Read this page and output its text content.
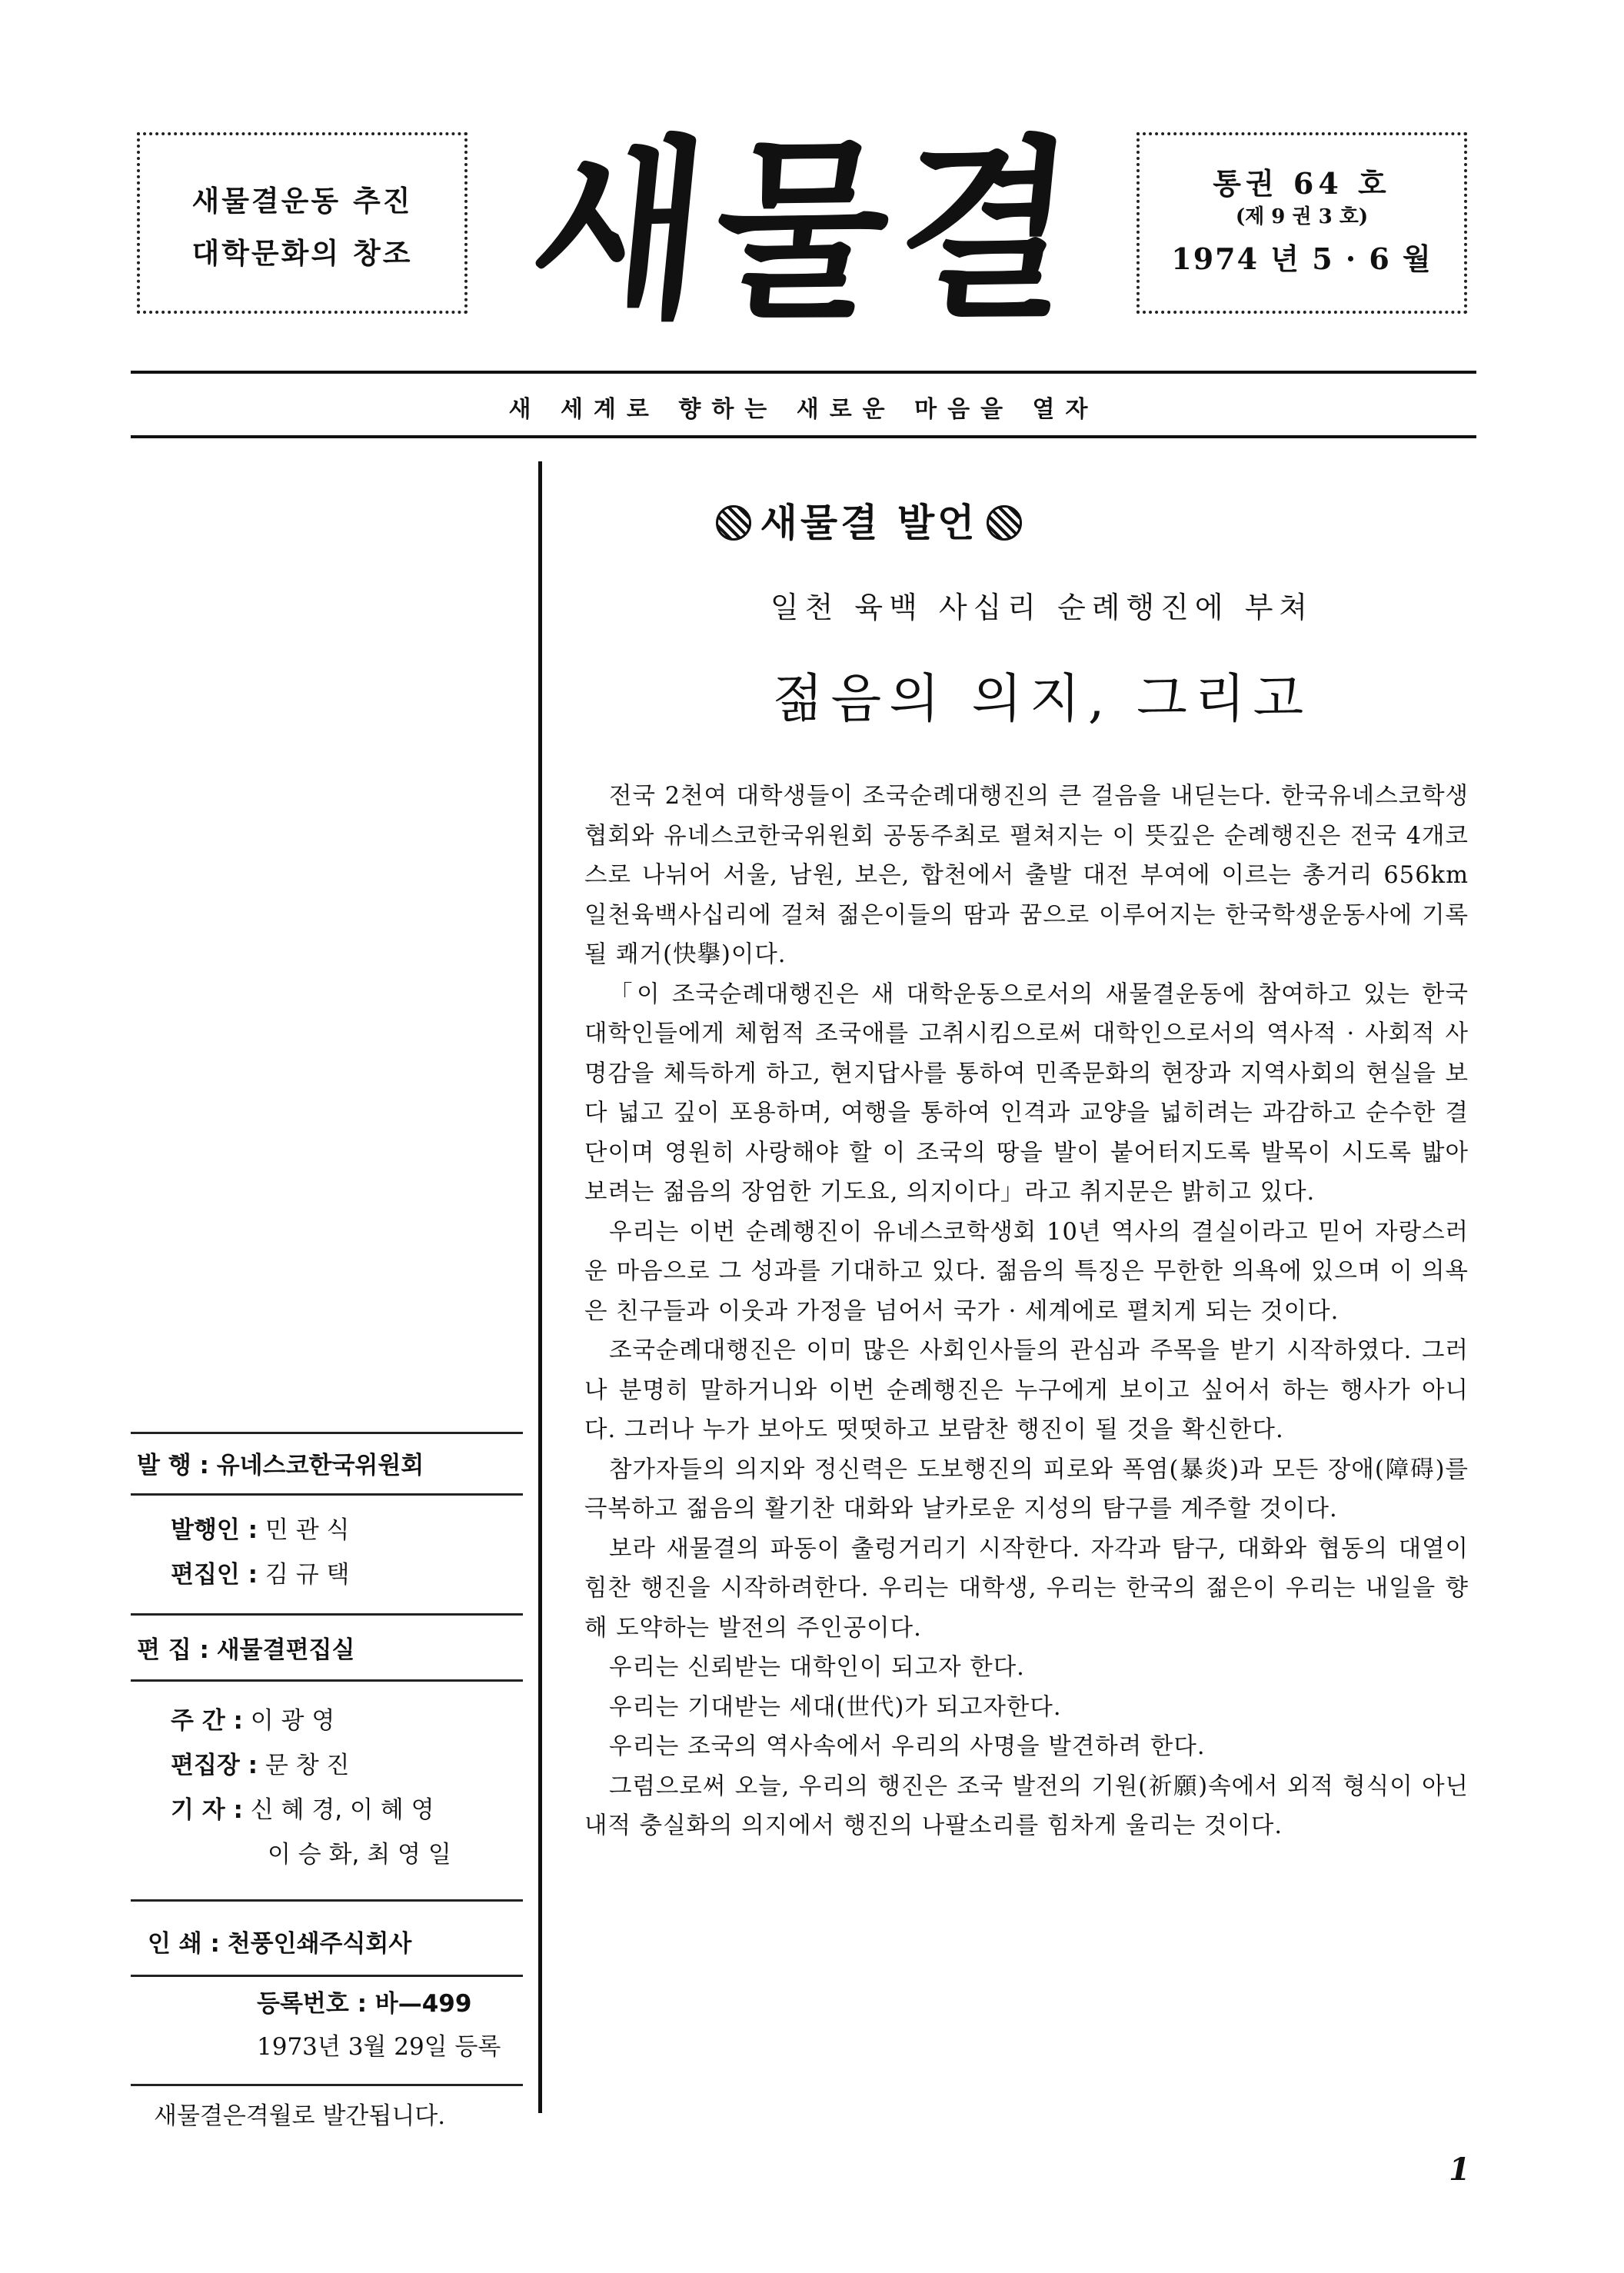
새물결운동 추진
대학문화의 창조 새물결	통권 64 호
(제 9 권 3 호)
1974 년 5 · 6 월
새 세계로 향하는 새로운 마음을 열자
발 행 : 유네스코한국위원회
발행인 : 민 관 식
편집인 : 김 규 택
편 집 : 새물결편집실
주 간 : 이 광 영
편집장 : 문 창 진
기 자 : 신 혜 경, 이 혜 영
이 승 화, 최 영 일
인 쇄 : 천풍인쇄주식회사
등록번호 : 바—499
1973년 3월 29일 등록
새물결은격월로 발간됩니다.
새물결 발언
일천 육백 사십리 순례행진에 부쳐
젊음의 의지, 그리고

전국 2천여 대학생들이 조국순례대행진의 큰 걸음을 내딛는다. 한국유네스코학생협회와 유네스코한국위원회 공동주최로 펼쳐지는 이 뜻깊은 순례행진은 전국 4개코스로 나뉘어 서울, 남원, 보은, 합천에서 출발 대전 부여에 이르는 총거리 656km 일천육백사십리에 걸쳐 젊은이들의 땀과 꿈으로 이루어지는 한국학생운동사에 기록될 쾌거(快擧)이다.

「이 조국순례대행진은 새 대학운동으로서의 새물결운동에 참여하고 있는 한국 대학인들에게 체험적 조국애를 고취시킴으로써 대학인으로서의 역사적 · 사회적 사명감을 체득하게 하고, 현지답사를 통하여 민족문화의 현장과 지역사회의 현실을 보다 넓고 깊이 포용하며, 여행을 통하여 인격과 교양을 넓히려는 과감하고 순수한 결단이며 영원히 사랑해야 할 이 조국의 땅을 발이 붙어터지도록 발목이 시도록 밟아보려는 젊음의 장엄한 기도요, 의지이다」라고 취지문은 밝히고 있다.

우리는 이번 순례행진이 유네스코학생회 10년 역사의 결실이라고 믿어 자랑스러운 마음으로 그 성과를 기대하고 있다. 젊음의 특징은 무한한 의욕에 있으며 이 의욕은 친구들과 이웃과 가정을 넘어서 국가 · 세계에로 펼치게 되는 것이다.

조국순례대행진은 이미 많은 사회인사들의 관심과 주목을 받기 시작하였다. 그러나 분명히 말하거니와 이번 순례행진은 누구에게 보이고 싶어서 하는 행사가 아니다. 그러나 누가 보아도 떳떳하고 보람찬 행진이 될 것을 확신한다.

참가자들의 의지와 정신력은 도보행진의 피로와 폭염(暴炎)과 모든 장애(障碍)를 극복하고 젊음의 활기찬 대화와 날카로운 지성의 탐구를 계주할 것이다.

보라 새물결의 파동이 출렁거리기 시작한다. 자각과 탐구, 대화와 협동의 대열이 힘찬 행진을 시작하려한다. 우리는 대학생, 우리는 한국의 젊은이 우리는 내일을 향해 도약하는 발전의 주인공이다.

우리는 신뢰받는 대학인이 되고자 한다.

우리는 기대받는 세대(世代)가 되고자한다.

우리는 조국의 역사속에서 우리의 사명을 발견하려 한다.

그럼으로써 오늘, 우리의 행진은 조국 발전의 기원(祈願)속에서 외적 형식이 아닌 내적 충실화의 의지에서 행진의 나팔소리를 힘차게 울리는 것이다.

1
